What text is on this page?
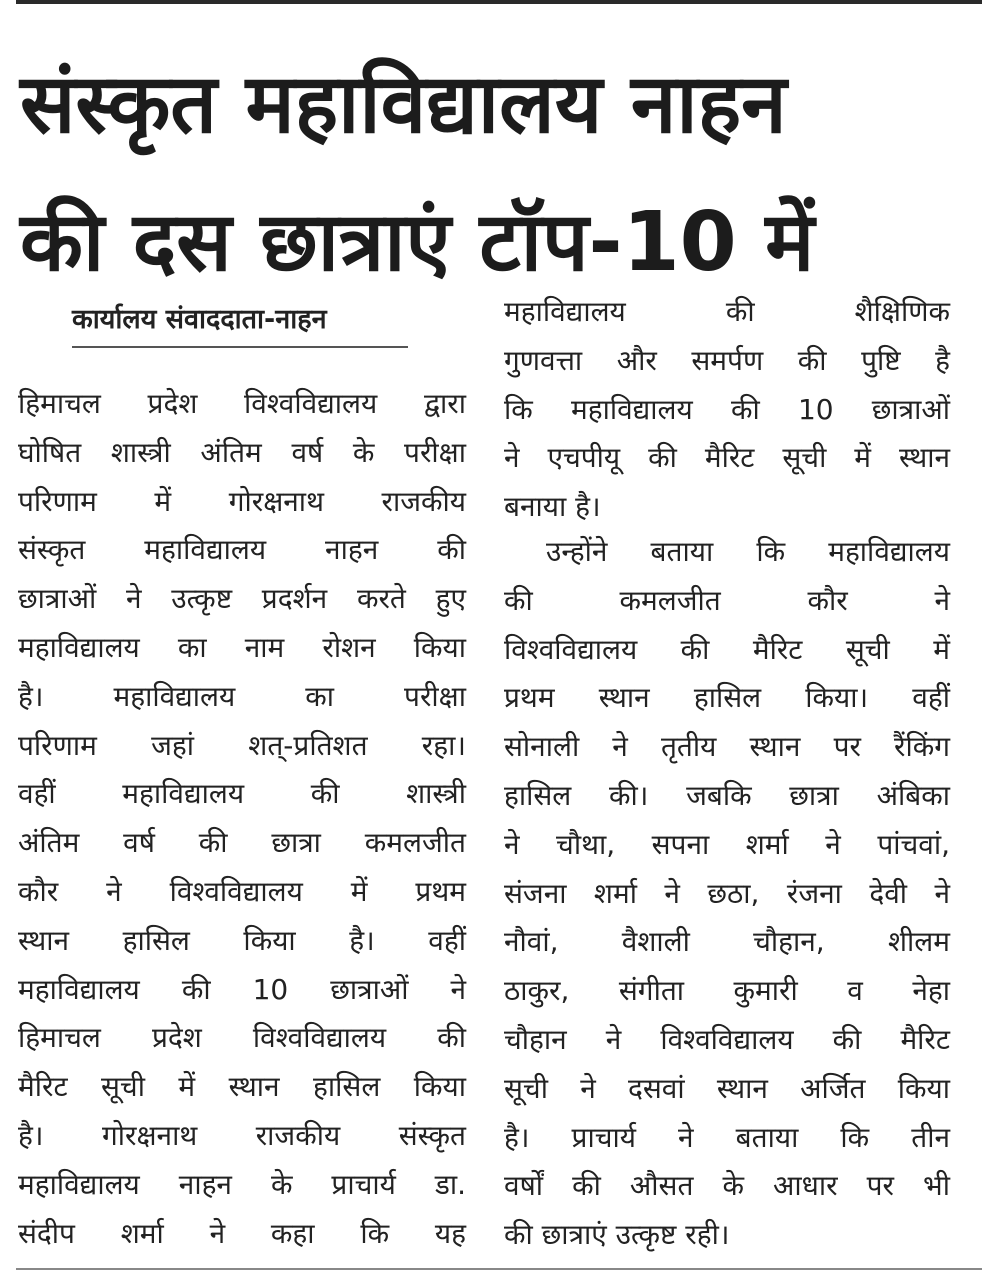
संस्कृत महाविद्यालय नाहन
की दस छात्राएं टॉप-10 में
कार्यालय संवाददाता-नाहन
हिमाचल प्रदेश विश्वविद्यालय द्वारा
घोषित शास्त्री अंतिम वर्ष के परीक्षा
परिणाम में गोरक्षनाथ राजकीय
संस्कृत महाविद्यालय नाहन की
छात्राओं ने उत्कृष्ट प्रदर्शन करते हुए
महाविद्यालय का नाम रोशन किया
है। महाविद्यालय का परीक्षा
परिणाम जहां शत्-प्रतिशत रहा।
वहीं महाविद्यालय की शास्त्री
अंतिम वर्ष की छात्रा कमलजीत
कौर ने विश्वविद्यालय में प्रथम
स्थान हासिल किया है। वहीं
महाविद्यालय की 10 छात्राओं ने
हिमाचल प्रदेश विश्वविद्यालय की
मैरिट सूची में स्थान हासिल किया
है। गोरक्षनाथ राजकीय संस्कृत
महाविद्यालय नाहन के प्राचार्य डा.
संदीप शर्मा ने कहा कि यह
महाविद्यालय की शैक्षिणिक
गुणवत्ता और समर्पण की पुष्टि है
कि महाविद्यालय की 10 छात्राओं
ने एचपीयू की मैरिट सूची में स्थान
बनाया है।
उन्होंने बताया कि महाविद्यालय
की कमलजीत कौर ने
विश्वविद्यालय की मैरिट सूची में
प्रथम स्थान हासिल किया। वहीं
सोनाली ने तृतीय स्थान पर रैंकिंग
हासिल की। जबकि छात्रा अंबिका
ने चौथा, सपना शर्मा ने पांचवां,
संजना शर्मा ने छठा, रंजना देवी ने
नौवां, वैशाली चौहान, शीलम
ठाकुर, संगीता कुमारी व नेहा
चौहान ने विश्वविद्यालय की मैरिट
सूची ने दसवां स्थान अर्जित किया
है। प्राचार्य ने बताया कि तीन
वर्षों की औसत के आधार पर भी
की छात्राएं उत्कृष्ट रही।
